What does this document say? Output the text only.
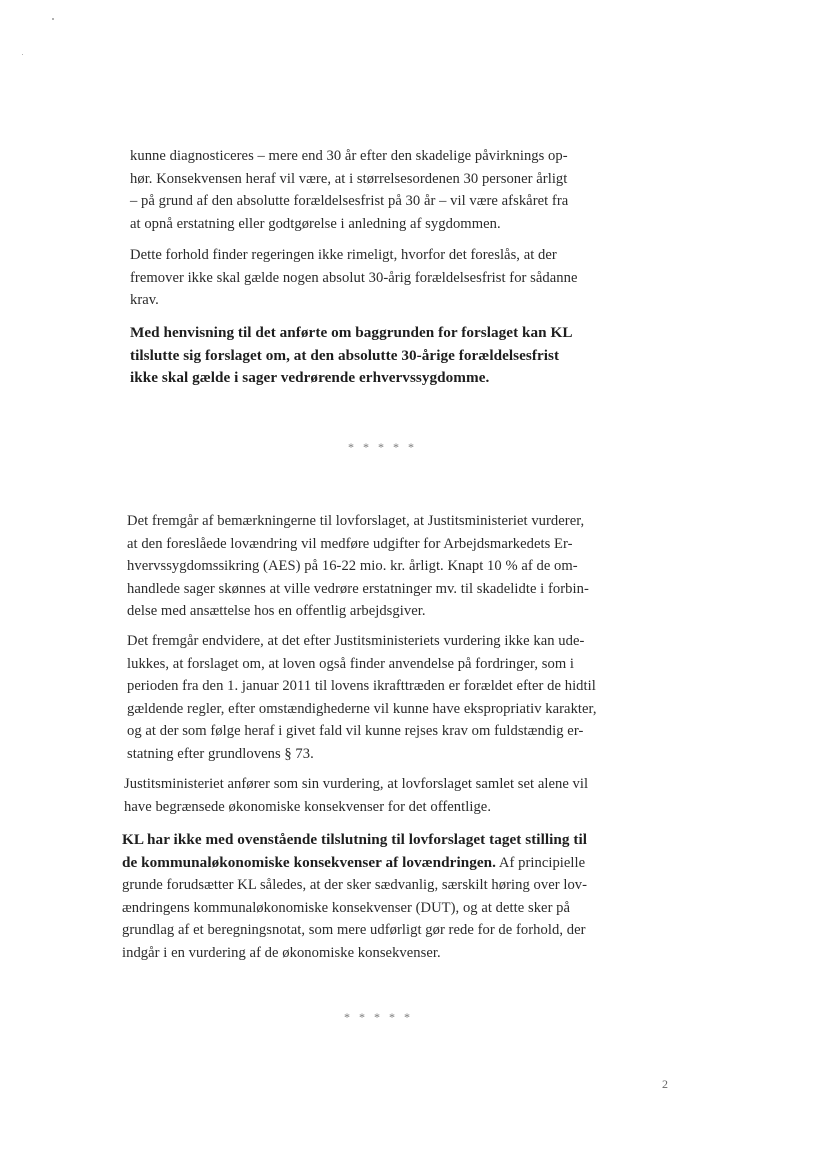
kunne diagnosticeres – mere end 30 år efter den skadelige påvirknings op-
hør. Konsekvensen heraf vil være, at i størrelsesordenen 30 personer årligt
– på grund af den absolutte forældelsesfrist på 30 år – vil være afskåret fra
at opnå erstatning eller godtgørelse i anledning af sygdommen.

Dette forhold finder regeringen ikke rimeligt, hvorfor det foreslås, at der
fremover ikke skal gælde nogen absolut 30-årig forældelsesfrist for sådanne
krav.

Med henvisning til det anførte om baggrunden for forslaget kan KL
tilslutte sig forslaget om, at den absolutte 30-årige forældelsesfrist
ikke skal gælde i sager vedrørende erhvervssygdomme.

* * * * *

Det fremgår af bemærkningerne til lovforslaget, at Justitsministeriet vurderer,
at den foreslåede lovændring vil medføre udgifter for Arbejdsmarkedets Er-
hvervssygdomssikring (AES) på 16-22 mio. kr. årligt. Knapt 10 % af de om-
handlede sager skønnes at ville vedrøre erstatninger mv. til skadelidte i forbin-
delse med ansættelse hos en offentlig arbejdsgiver.

Det fremgår endvidere, at det efter Justitsministeriets vurdering ikke kan ude-
lukkes, at forslaget om, at loven også finder anvendelse på fordringer, som i
perioden fra den 1. januar 2011 til lovens ikrafttræden er forældet efter de hidtil
gældende regler, efter omstændighederne vil kunne have ekspropriativ karakter,
og at der som følge heraf i givet fald vil kunne rejses krav om fuldstændig er-
statning efter grundlovens § 73.

Justitsministeriet anfører som sin vurdering, at lovforslaget samlet set alene vil
have begrænsede økonomiske konsekvenser for det offentlige.

KL har ikke med ovenstående tilslutning til lovforslaget taget stilling til
de kommunaløkonomiske konsekvenser af lovændringen. Af principielle
grunde forudsætter KL således, at der sker sædvanlig, særskilt høring over lov-
ændringens kommunaløkonomiske konsekvenser (DUT), og at dette sker på
grundlag af et beregningsnotat, som mere udførligt gør rede for de forhold, der
indgår i en vurdering af de økonomiske konsekvenser.

* * * * *
2
